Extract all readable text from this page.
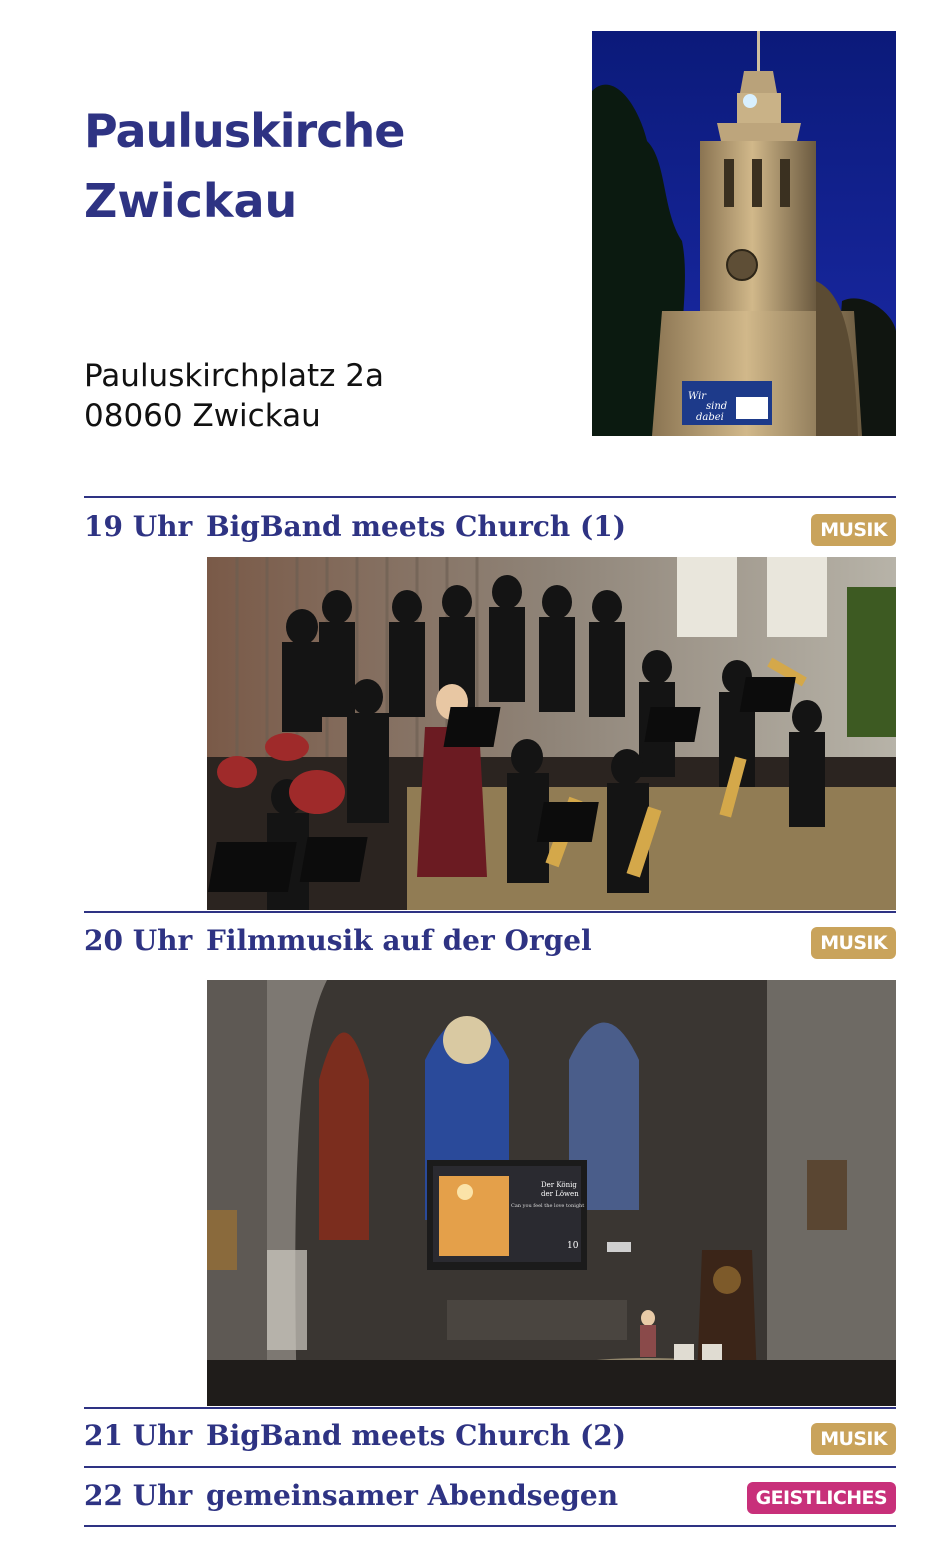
Pauluskirche
Zwickau
Pauluskirchplatz 2a
08060 Zwickau
Wir
sind
dabei
19 Uhr BigBand meets Church (1)	MUSIK
20 Uhr Filmmusik auf der Orgel	MUSIK
Der König
der Löwen
Can you feel the love tonight
10
21 Uhr BigBand meets Church (2)	MUSIK
22 Uhr gemeinsamer Abendsegen	GEISTLICHES
